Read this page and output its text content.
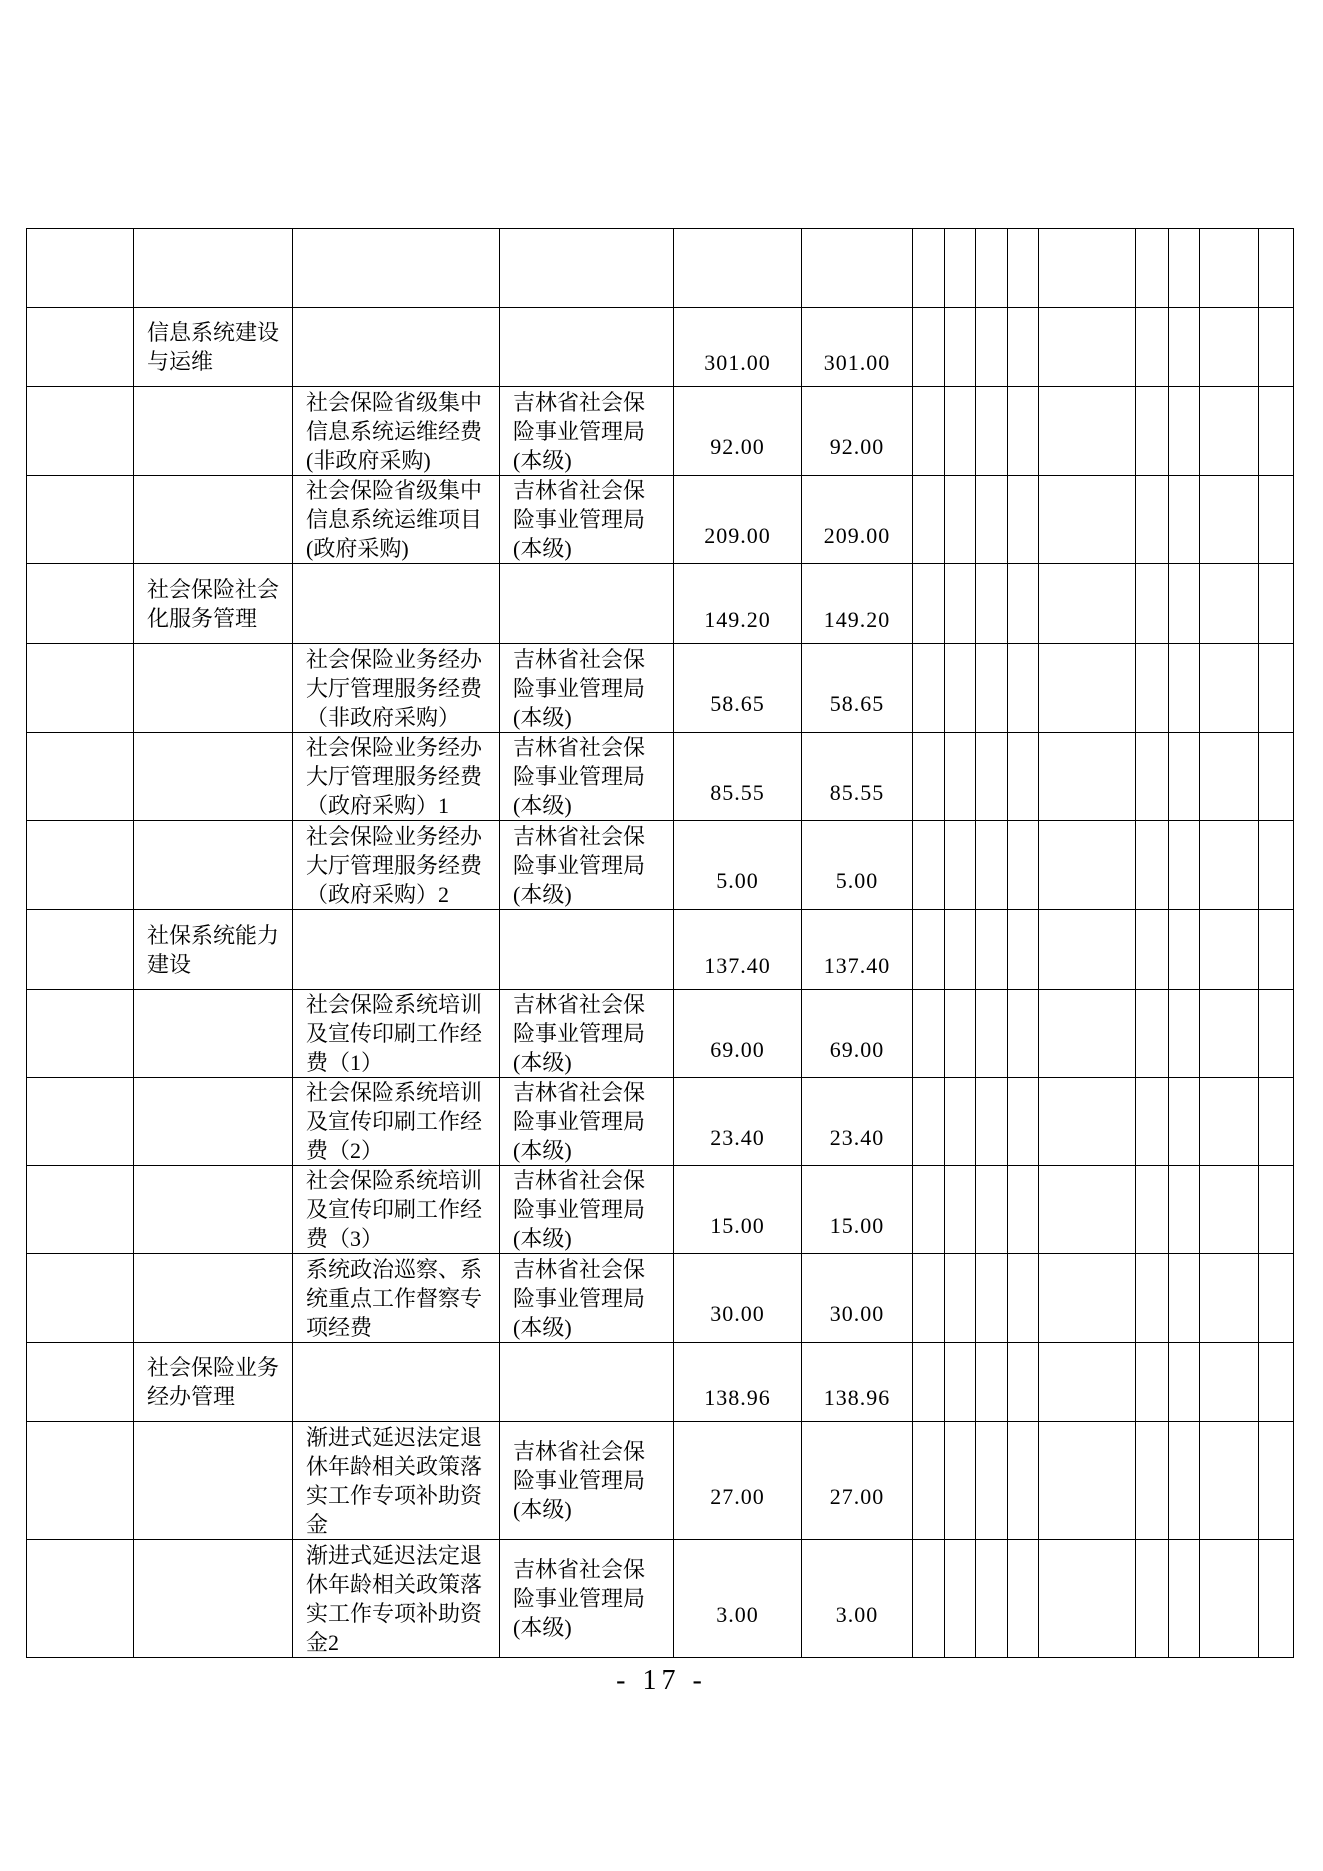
	信息系统建设与运维			301.00	301.00									

		社会保险省级集中信息系统运维经费(非政府采购)	吉林省社会保险事业管理局(本级)	92.00	92.00									

		社会保险省级集中信息系统运维项目(政府采购)	吉林省社会保险事业管理局(本级)	209.00	209.00									

	社会保险社会化服务管理			149.20	149.20									

		社会保险业务经办大厅管理服务经费（非政府采购）	吉林省社会保险事业管理局(本级)	58.65	58.65									

		社会保险业务经办大厅管理服务经费（政府采购）1	吉林省社会保险事业管理局(本级)	85.55	85.55									

		社会保险业务经办大厅管理服务经费（政府采购）2	吉林省社会保险事业管理局(本级)	5.00	5.00									

	社保系统能力建设			137.40	137.40									

		社会保险系统培训及宣传印刷工作经费（1）	吉林省社会保险事业管理局(本级)	69.00	69.00									

		社会保险系统培训及宣传印刷工作经费（2）	吉林省社会保险事业管理局(本级)	23.40	23.40									

		社会保险系统培训及宣传印刷工作经费（3）	吉林省社会保险事业管理局(本级)	15.00	15.00									

		系统政治巡察、系统重点工作督察专项经费	吉林省社会保险事业管理局(本级)	30.00	30.00									

	社会保险业务经办管理			138.96	138.96									

		渐进式延迟法定退休年龄相关政策落实工作专项补助资金	吉林省社会保险事业管理局(本级)	27.00	27.00									

		渐进式延迟法定退休年龄相关政策落实工作专项补助资金2	吉林省社会保险事业管理局(本级)	3.00	3.00									
- 17 -
